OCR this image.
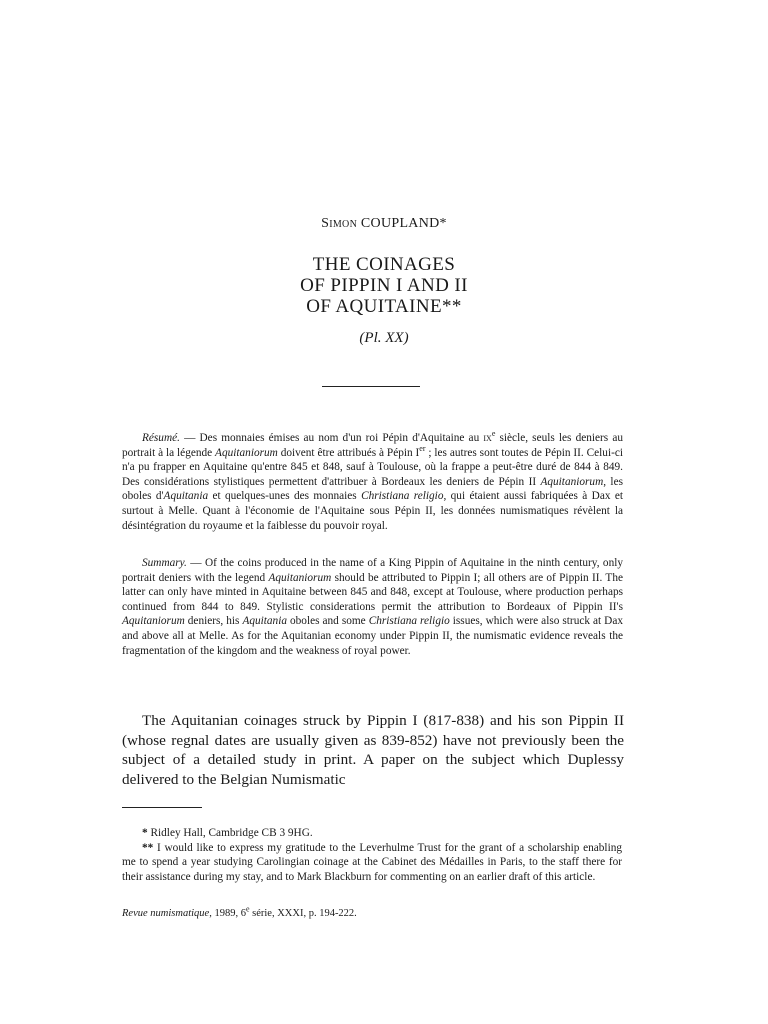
Simon COUPLAND*
THE COINAGES
OF PIPPIN I AND II
OF AQUITAINE**
(Pl. XX)
Résumé. — Des monnaies émises au nom d'un roi Pépin d'Aquitaine au $ix^e$ siècle, seuls les deniers au portrait à la légende Aquitaniorum doivent être attribués à Pépin Ier ; les autres sont toutes de Pépin II. Celui-ci n'a pu frapper en Aquitaine qu'entre 845 et 848, sauf à Toulouse, où la frappe a peut-être duré de 844 à 849. Des considérations stylistiques permettent d'attribuer à Bordeaux les deniers de Pépin II Aquitaniorum, les oboles d'Aquitania et quelques-unes des monnaies Christiana religio, qui étaient aussi fabriquées à Dax et surtout à Melle. Quant à l'économie de l'Aquitaine sous Pépin II, les données numismatiques révèlent la désintégration du royaume et la faiblesse du pouvoir royal.
Summary. — Of the coins produced in the name of a King Pippin of Aquitaine in the ninth century, only portrait deniers with the legend Aquitaniorum should be attributed to Pippin I; all others are of Pippin II. The latter can only have minted in Aquitaine between 845 and 848, except at Toulouse, where production perhaps continued from 844 to 849. Stylistic considerations permit the attribution to Bordeaux of Pippin II's Aquitaniorum deniers, his Aquitania oboles and some Christiana religio issues, which were also struck at Dax and above all at Melle. As for the Aquitanian economy under Pippin II, the numismatic evidence reveals the fragmentation of the kingdom and the weakness of royal power.
The Aquitanian coinages struck by Pippin I (817-838) and his son Pippin II (whose regnal dates are usually given as 839-852) have not previously been the subject of a detailed study in print. A paper on the subject which Duplessy delivered to the Belgian Numismatic

* Ridley Hall, Cambridge CB 3 9HG.

** I would like to express my gratitude to the Leverhulme Trust for the grant of a scholarship enabling me to spend a year studying Carolingian coinage at the Cabinet des Médailles in Paris, to the staff there for their assistance during my stay, and to Mark Blackburn for commenting on an earlier draft of this article.

Revue numismatique, 1989, 6e série, XXXI, p. 194-222.
